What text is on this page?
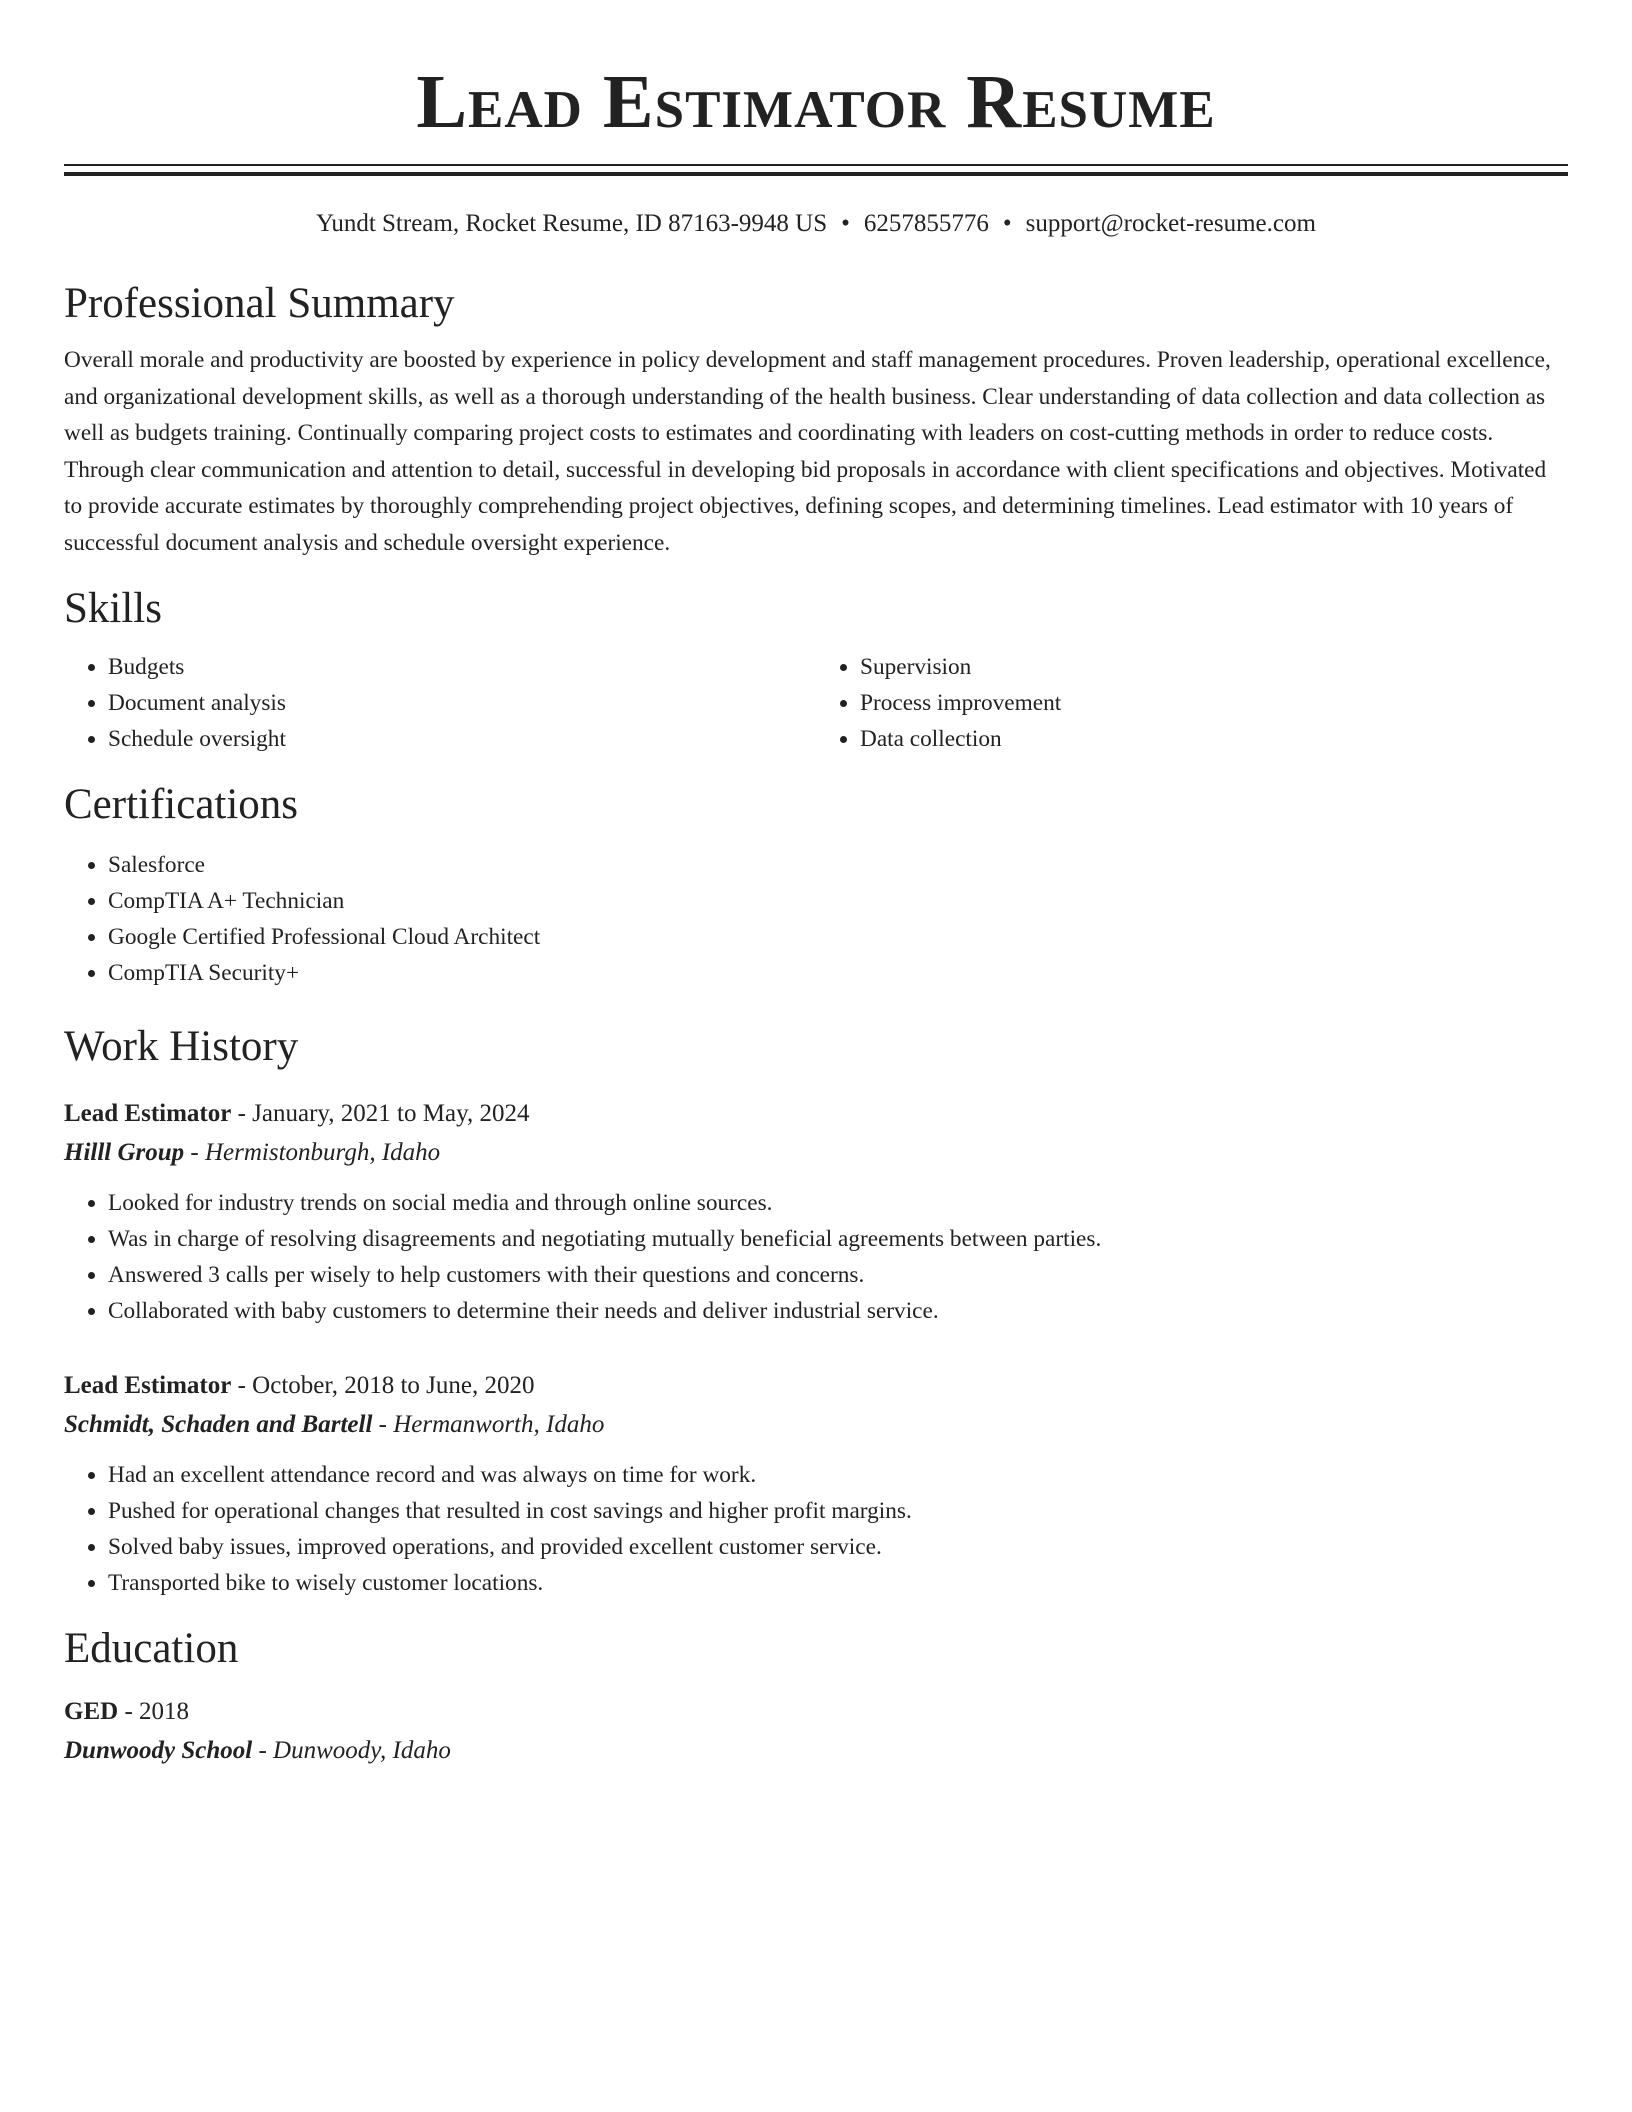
Lead Estimator Resume
Yundt Stream, Rocket Resume, ID 87163-9948 US • 6257855776 • support@rocket-resume.com
Professional Summary

Overall morale and productivity are boosted by experience in policy development and staff management procedures. Proven leadership, operational excellence, and organizational development skills, as well as a thorough understanding of the health business. Clear understanding of data collection and data collection as well as budgets training. Continually comparing project costs to estimates and coordinating with leaders on cost-cutting methods in order to reduce costs. Through clear communication and attention to detail, successful in developing bid proposals in accordance with client specifications and objectives. Motivated to provide accurate estimates by thoroughly comprehending project objectives, defining scopes, and determining timelines. Lead estimator with 10 years of successful document analysis and schedule oversight experience.

Skills
• Budgets
• Document analysis
• Schedule oversight
• Supervision
• Process improvement
• Data collection
Certifications
• Salesforce
• CompTIA A+ Technician
• Google Certified Professional Cloud Architect
• CompTIA Security+
Work History
Lead Estimator - January, 2021 to May, 2024
Hilll Group - Hermistonburgh, Idaho
• Looked for industry trends on social media and through online sources.
• Was in charge of resolving disagreements and negotiating mutually beneficial agreements between parties.
• Answered 3 calls per wisely to help customers with their questions and concerns.
• Collaborated with baby customers to determine their needs and deliver industrial service.
Lead Estimator - October, 2018 to June, 2020
Schmidt, Schaden and Bartell - Hermanworth, Idaho
• Had an excellent attendance record and was always on time for work.
• Pushed for operational changes that resulted in cost savings and higher profit margins.
• Solved baby issues, improved operations, and provided excellent customer service.
• Transported bike to wisely customer locations.
Education
GED - 2018
Dunwoody School - Dunwoody, Idaho
